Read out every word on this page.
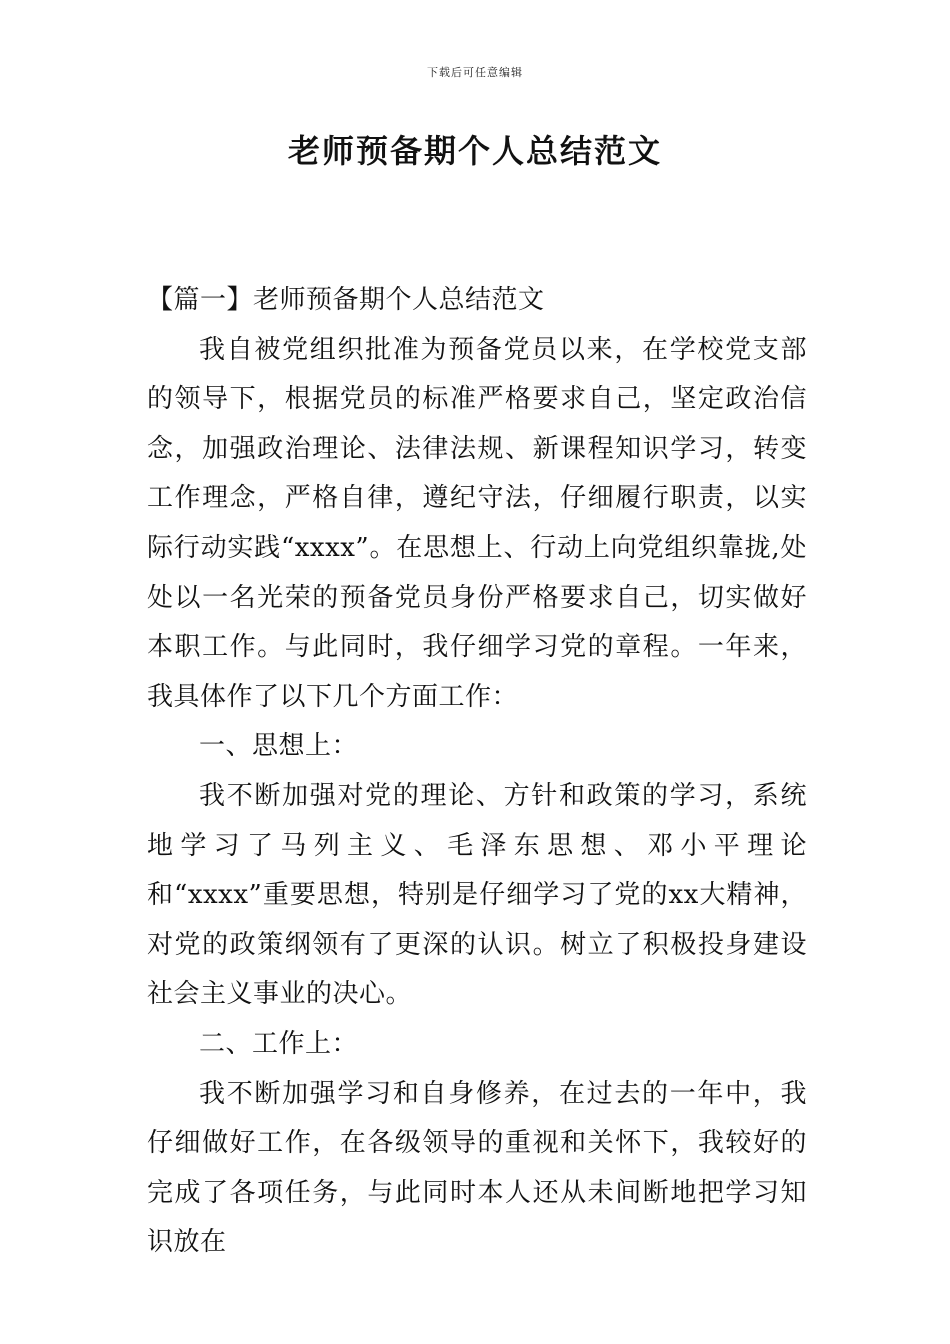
下载后可任意编辑
老师预备期个人总结范文

【篇一】老师预备期个人总结范文

我自被党组织批准为预备党员以来，在学校党支部的领导下，根据党员的标准严格要求自己，坚定政治信念，加强政治理论、法律法规、新课程知识学习，转变工作理念，严格自律，遵纪守法，仔细履行职责，以实际行动实践“xxxx”。在思想上、行动上向党组织靠拢,处处以一名光荣的预备党员身份严格要求自己，切实做好本职工作。与此同时，我仔细学习党的章程。一年来，我具体作了以下几个方面工作：

一、思想上：

我不断加强对党的理论、方针和政策的学习，系统地学习了马列主义、毛泽东思想、邓小平理论和“xxxx”重要思想，特别是仔细学习了党的xx大精神，对党的政策纲领有了更深的认识。树立了积极投身建设社会主义事业的决心。

二、工作上：

我不断加强学习和自身修养，在过去的一年中，我仔细做好工作，在各级领导的重视和关怀下，我较好的完成了各项任务，与此同时本人还从未间断地把学习知识放在
